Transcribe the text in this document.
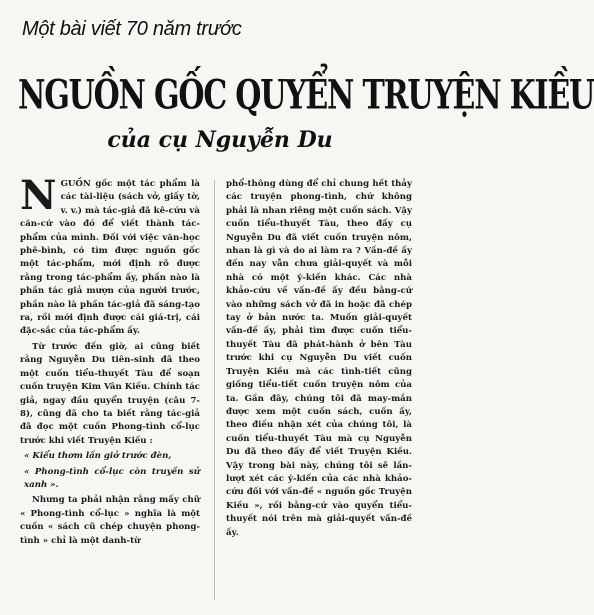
Một bài viết 70 năm trước
NGUỒN GỐC QUYỂN TRUYỆN KIỀU
của cụ Nguyễn Du

NGUỒN gốc một tác phẩm là các tài-liệu (sách vở, giấy tờ, v. v.) mà tác-giả đã kê-cứu và căn-cứ vào đó để viết thành tác-phẩm của mình. Đối với việc văn-học phê-bình, có tìm được nguồn gốc một tác-phẩm, mới định rõ được rằng trong tác-phẩm ấy, phần nào là phần tác giả mượn của người trước, phần nào là phần tác-giả đã sáng-tạo ra, rồi mới định được cái giá-trị, cái đặc-sắc của tác-phẩm ấy.

Từ trước đến giờ, ai cũng biết rằng Nguyễn Du tiên-sinh đã theo một cuốn tiểu-thuyết Tàu để soạn cuốn truyện Kim Vân Kiều. Chính tác giả, ngay đầu quyển truyện (câu 7-8), cũng đã cho ta biết rằng tác-giả đã đọc một cuốn Phong-tình cổ-lục trước khi viết Truyện Kiều :

« Kiểu thơm lần giở trước đèn,

« Phong-tình cổ-lục còn truyền sử xanh ».

Nhưng ta phải nhận rằng mấy chữ « Phong-tình cổ-lục » nghĩa là một cuốn « sách cũ chép chuyện phong-tình » chỉ là một danh-từ

phổ-thông dùng để chỉ chung hết thảy các truyện phong-tình, chứ không phải là nhan riêng một cuốn sách. Vậy cuốn tiểu-thuyết Tàu, theo đấy cụ Nguyễn Du đã viết cuốn truyện nôm, nhan là gì và do ai làm ra ? Vấn-đề ấy đến nay vẫn chưa giải-quyết và mỗi nhà có một ý-kiến khác. Các nhà khảo-cứu về vấn-đề ấy đều bằng-cứ vào những sách vở đã in hoặc đã chép tay ở bản nước ta. Muốn giải-quyết vấn-đề ấy, phải tìm được cuốn tiểu-thuyết Tàu đã phát-hành ở bên Tàu trước khi cụ Nguyễn Du viết cuốn Truyện Kiều mà các tình-tiết cũng giống tiểu-tiết cuốn truyện nôm của ta. Gần đây, chúng tôi đã may-mắn được xem một cuốn sách, cuốn ấy, theo điều nhận xét của chúng tôi, là cuốn tiểu-thuyết Tàu mà cụ Nguyễn Du đã theo đấy để viết Truyện Kiều. Vậy trong bài này, chúng tôi sẽ lần-lượt xét các ý-kiến của các nhà khảo-cứu đối với vấn-đề « nguồn gốc Truyện Kiều », rồi bằng-cứ vào quyển tiểu-thuyết nói trên mà giải-quyết vấn-đề ấy.
